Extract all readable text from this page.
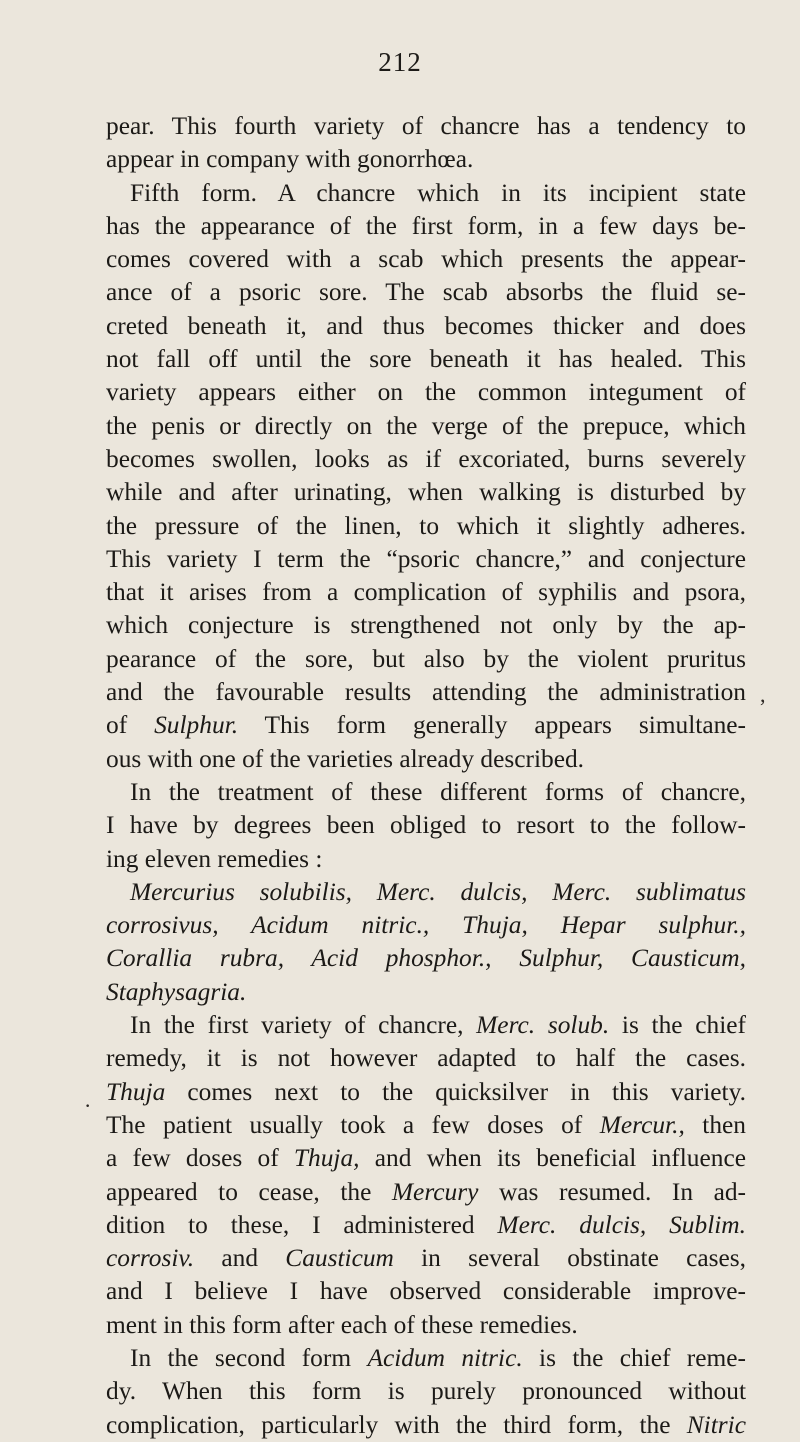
212
pear. This fourth variety of chancre has a tendency to
appear in company with gonorrhœa.
Fifth form. A chancre which in its incipient state
has the appearance of the first form, in a few days be-
comes covered with a scab which presents the appear-
ance of a psoric sore. The scab absorbs the fluid se-
creted beneath it, and thus becomes thicker and does
not fall off until the sore beneath it has healed. This
variety appears either on the common integument of
the penis or directly on the verge of the prepuce, which
becomes swollen, looks as if excoriated, burns severely
while and after urinating, when walking is disturbed by
the pressure of the linen, to which it slightly adheres.
This variety I term the “psoric chancre,” and conjecture
that it arises from a complication of syphilis and psora,
which conjecture is strengthened not only by the ap-
pearance of the sore, but also by the violent pruritus
and the favourable results attending the administration
of Sulphur. This form generally appears simultane-
ous with one of the varieties already described.
In the treatment of these different forms of chancre,
I have by degrees been obliged to resort to the follow-
ing eleven remedies :
Mercurius solubilis, Merc. dulcis, Merc. sublimatus
corrosivus, Acidum nitric., Thuja, Hepar sulphur.,
Corallia rubra, Acid phosphor., Sulphur, Causticum,
Staphysagria.
In the first variety of chancre, Merc. solub. is the chief
remedy, it is not however adapted to half the cases.
Thuja comes next to the quicksilver in this variety.
The patient usually took a few doses of Mercur., then
a few doses of Thuja, and when its beneficial influence
appeared to cease, the Mercury was resumed. In ad-
dition to these, I administered Merc. dulcis, Sublim.
corrosiv. and Causticum in several obstinate cases,
and I believe I have observed considerable improve-
ment in this form after each of these remedies.
In the second form Acidum nitric. is the chief reme-
dy. When this form is purely pronounced without
complication, particularly with the third form, the Nitric
,
·
